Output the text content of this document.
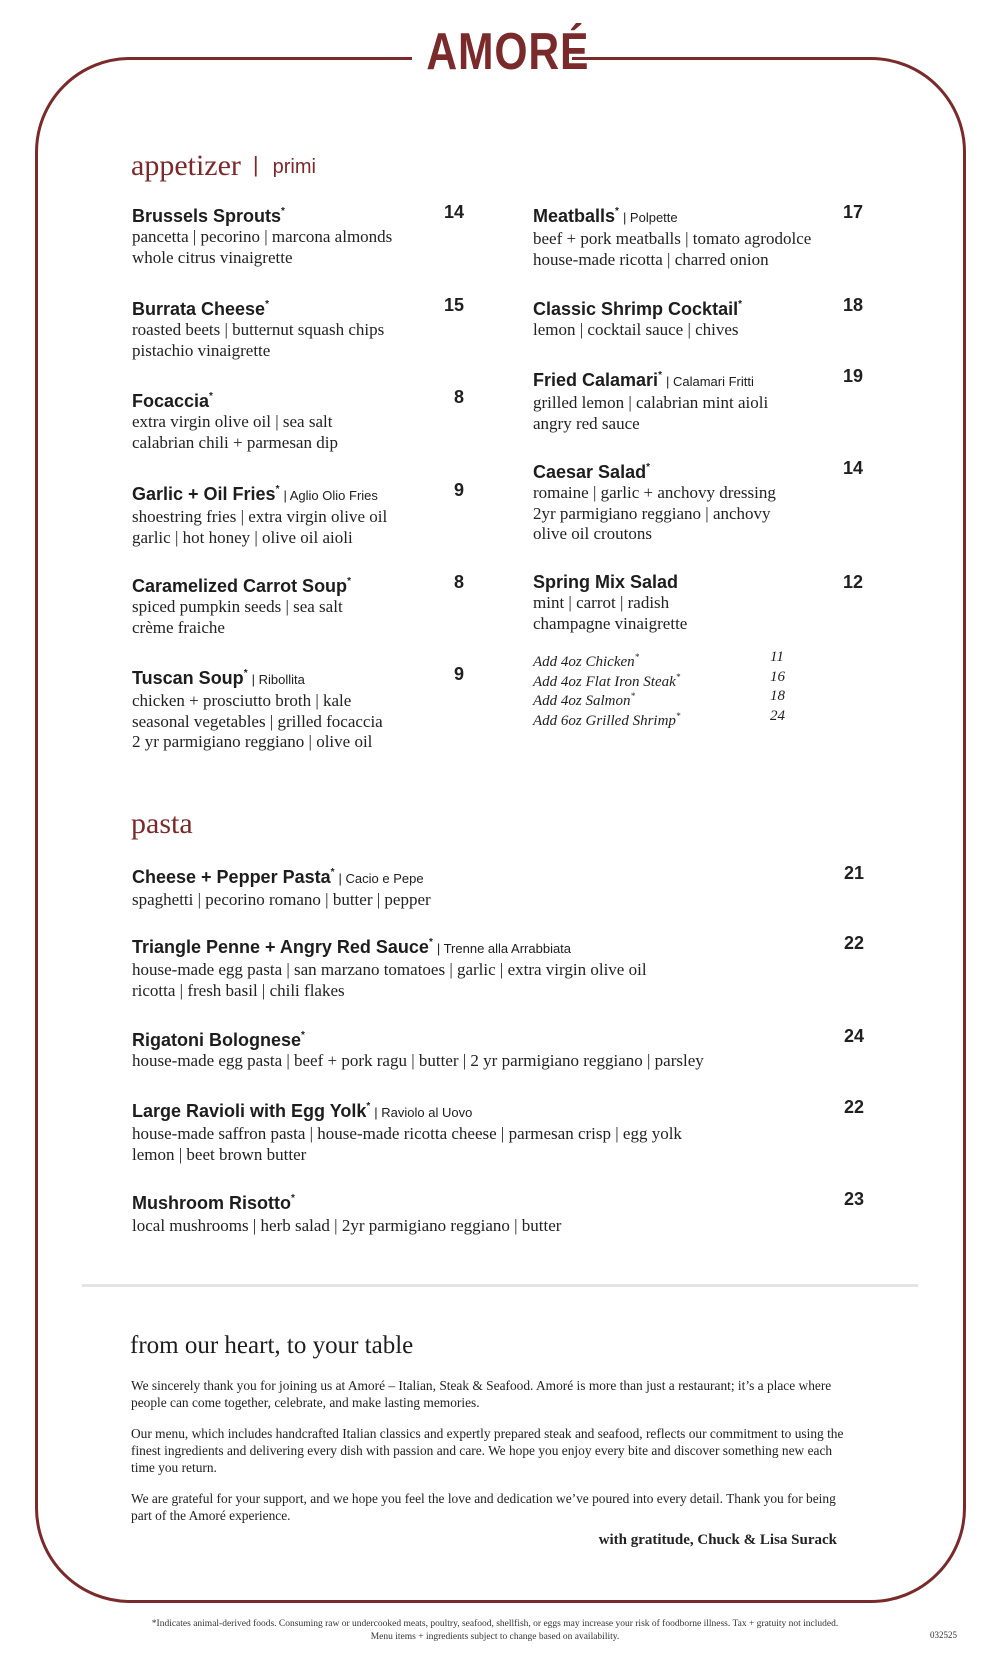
AMORÉ
appetizer | primi
Brussels Sprouts*	14
pancetta | pecorino | marcona almonds
whole citrus vinaigrette
Burrata Cheese*	15
roasted beets | butternut squash chips
pistachio vinaigrette
Focaccia*	8
extra virgin olive oil | sea salt
calabrian chili + parmesan dip
Garlic + Oil Fries* | Aglio Olio Fries	9
shoestring fries | extra virgin olive oil
garlic | hot honey | olive oil aioli
Caramelized Carrot Soup*	8
spiced pumpkin seeds | sea salt
crème fraiche
Tuscan Soup* | Ribollita	9
chicken + prosciutto broth | kale
seasonal vegetables | grilled focaccia
2 yr parmigiano reggiano | olive oil
Meatballs* | Polpette	17
beef + pork meatballs | tomato agrodolce
house-made ricotta | charred onion
Classic Shrimp Cocktail*	18
lemon | cocktail sauce | chives
Fried Calamari* | Calamari Fritti	19
grilled lemon | calabrian mint aioli
angry red sauce
Caesar Salad*	14
romaine | garlic + anchovy dressing
2yr parmigiano reggiano | anchovy
olive oil croutons
Spring Mix Salad	12
mint | carrot | radish
champagne vinaigrette
Add 4oz Chicken*	11
Add 4oz Flat Iron Steak*	16
Add 4oz Salmon*	18
Add 6oz Grilled Shrimp*	24
pasta
Cheese + Pepper Pasta* | Cacio e Pepe	21
spaghetti | pecorino romano | butter | pepper
Triangle Penne + Angry Red Sauce* | Trenne alla Arrabbiata	22
house-made egg pasta | san marzano tomatoes | garlic | extra virgin olive oil
ricotta | fresh basil | chili flakes
Rigatoni Bolognese*	24
house-made egg pasta | beef + pork ragu | butter | 2 yr parmigiano reggiano | parsley
Large Ravioli with Egg Yolk* | Raviolo al Uovo	22
house-made saffron pasta | house-made ricotta cheese | parmesan crisp | egg yolk
lemon | beet brown butter
Mushroom Risotto*	23
local mushrooms | herb salad | 2yr parmigiano reggiano | butter
from our heart, to your table
We sincerely thank you for joining us at Amoré – Italian, Steak & Seafood. Amoré is more than just a restaurant; it’s a place where people can come together, celebrate, and make lasting memories.
Our menu, which includes handcrafted Italian classics and expertly prepared steak and seafood, reflects our commitment to using the finest ingredients and delivering every dish with passion and care. We hope you enjoy every bite and discover something new each time you return.
We are grateful for your support, and we hope you feel the love and dedication we’ve poured into every detail. Thank you for being part of the Amoré experience.
with gratitude, Chuck & Lisa Surack
*Indicates animal-derived foods. Consuming raw or undercooked meats, poultry, seafood, shellfish, or eggs may increase your risk of foodborne illness. Tax + gratuity not included.
Menu items + ingredients subject to change based on availability.	032525
